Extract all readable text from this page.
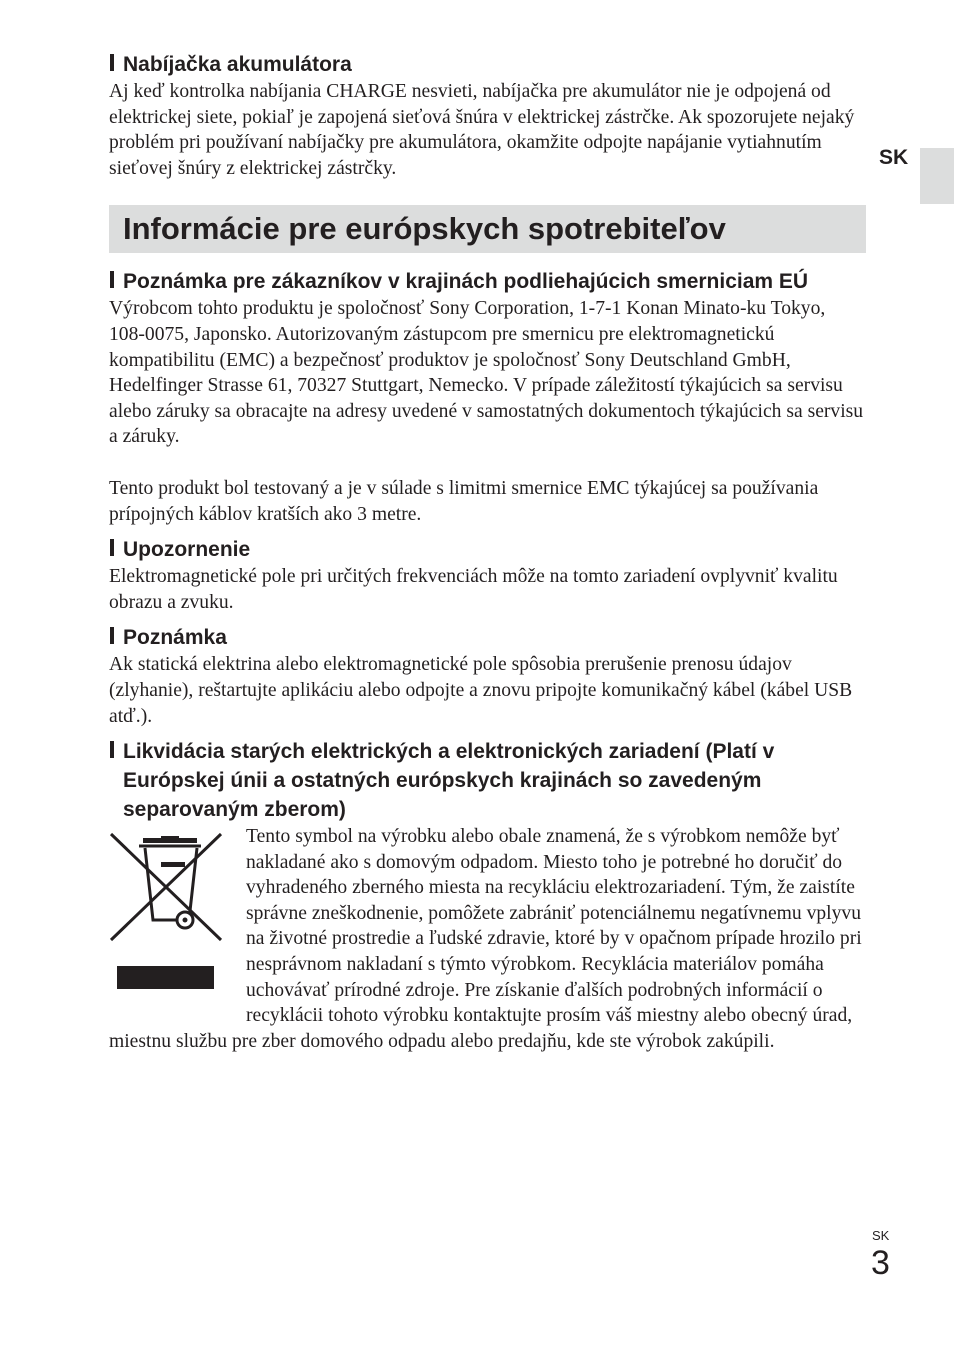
SK
Nabíjačka akumulátora

Aj keď kontrolka nabíjania CHARGE nesvieti, nabíjačka pre akumulátor nie je odpojená od elektrickej siete, pokiaľ je zapojená sieťová šnúra v elektrickej zástrčke. Ak spozorujete nejaký problém pri používaní nabíjačky pre akumulátora, okamžite odpojte napájanie vytiahnutím sieťovej šnúry z elektrickej zástrčky.

Informácie pre európskych spotrebiteľov
Poznámka pre zákazníkov v krajinách podliehajúcich smerniciam EÚ

Výrobcom tohto produktu je spoločnosť Sony Corporation, 1-7-1 Konan Minato-ku Tokyo, 108-0075, Japonsko. Autorizovaným zástupcom pre smernicu pre elektromagnetickú kompatibilitu (EMC) a bezpečnosť produktov je spoločnosť Sony Deutschland GmbH, Hedelfinger Strasse 61, 70327 Stuttgart, Nemecko. V prípade záležitostí týkajúcich sa servisu alebo záruky sa obracajte na adresy uvedené v samostatných dokumentoch týkajúcich sa servisu a záruky.

Tento produkt bol testovaný a je v súlade s limitmi smernice EMC týkajúcej sa používania prípojných káblov kratších ako 3 metre.

Upozornenie

Elektromagnetické pole pri určitých frekvenciách môže na tomto zariadení ovplyvniť kvalitu obrazu a zvuku.

Poznámka

Ak statická elektrina alebo elektromagnetické pole spôsobia prerušenie prenosu údajov (zlyhanie), reštartujte aplikáciu alebo odpojte a znovu pripojte komunikačný kábel (kábel USB atď.).

Likvidácia starých elektrických a elektronických zariadení (Platí v Európskej únii a ostatných európskych krajinách so zavedeným separovaným zberom)

Tento symbol na výrobku alebo obale znamená, že s výrobkom nemôže byť nakladané ako s domovým odpadom. Miesto toho je potrebné ho doručiť do vyhradeného zberného miesta na recykláciu elektrozariadení. Tým, že zaistíte správne zneškodnenie, pomôžete zabrániť potenciálnemu negatívnemu vplyvu na životné prostredie a ľudské zdravie, ktoré by v opačnom prípade hrozilo pri nesprávnom nakladaní s týmto výrobkom. Recyklácia materiálov pomáha uchovávať prírodné zdroje. Pre získanie ďalších podrobných informácií o recyklácii tohoto výrobku kontaktujte prosím váš miestny alebo obecný úrad, miestnu službu pre zber domového odpadu alebo predajňu, kde ste výrobok zakúpili.

SK
3
